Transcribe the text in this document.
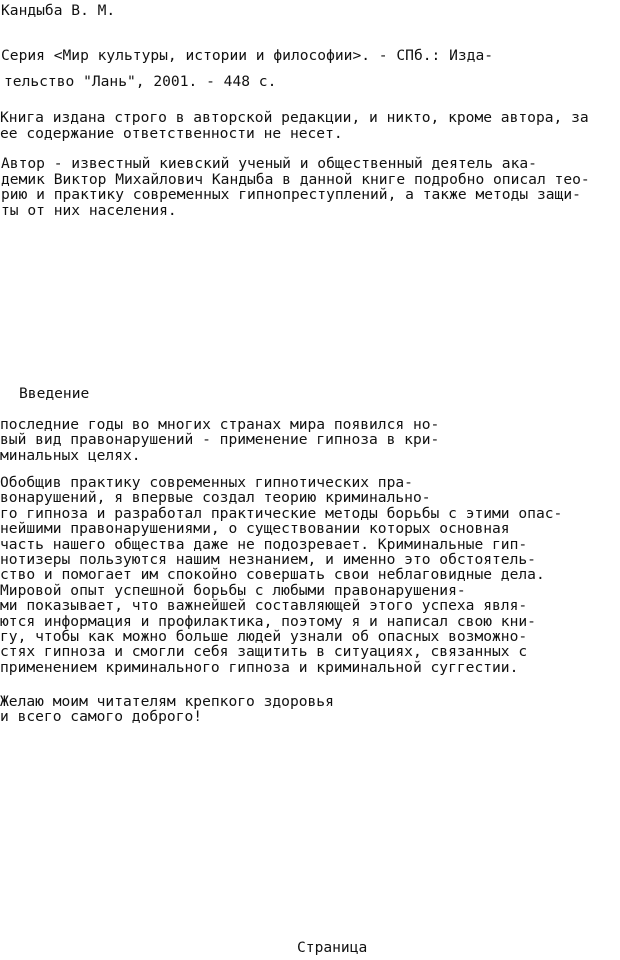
Кандыба В. М.
Серия <Мир культуры, истории и философии>. - СПб.: Изда-
тельство "Лань", 2001. - 448 с.
Книга издана строго в авторской редакции, и никто, кроме автора, за
ее содержание ответственности не несет.
Автор - известный киевский ученый и общественный деятель ака-
демик Виктор Михайлович Кандыба в данной книге подробно описал тео-
рию и практику современных гипнопреступлений, а также методы защи-
ты от них населения.
Введение
последние годы во многих странах мира появился но-
вый вид правонарушений - применение гипноза в кри-
минальных целях.
Обобщив практику современных гипнотических пра-
вонарушений, я впервые создал теорию криминально-
го гипноза и разработал практические методы борьбы с этими опас-
нейшими правонарушениями, о существовании которых основная
часть нашего общества даже не подозревает. Криминальные гип-
нотизеры пользуются нашим незнанием, и именно это обстоятель-
ство и помогает им спокойно совершать свои неблаговидные дела.
Мировой опыт успешной борьбы с любыми правонарушения-
ми показывает, что важнейшей составляющей этого успеха явля-
ются информация и профилактика, поэтому я и написал свою кни-
гу, чтобы как можно больше людей узнали об опасных возможно-
стях гипноза и смогли себя защитить в ситуациях, связанных с
применением криминального гипноза и криминальной суггестии.
Желаю моим читателям крепкого здоровья
и всего самого доброго!
Страница
